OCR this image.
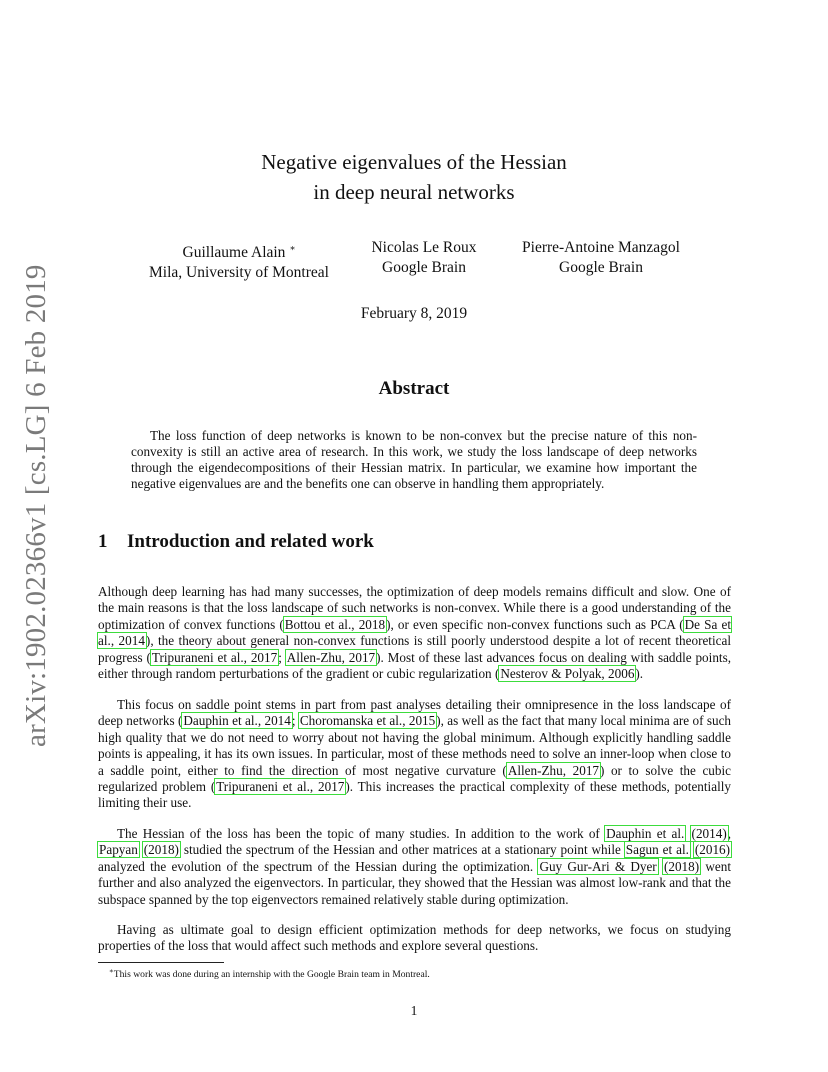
arXiv:1902.02366v1 [cs.LG] 6 Feb 2019
Negative eigenvalues of the Hessian
in deep neural networks
Guillaume Alain ∗
Mila, University of Montreal
Nicolas Le Roux
Google Brain
Pierre-Antoine Manzagol
Google Brain
February 8, 2019
Abstract
The loss function of deep networks is known to be non-convex but the precise nature of this non-convexity is still an active area of research. In this work, we study the loss landscape of deep networks through the eigendecompositions of their Hessian matrix. In particular, we examine how important the negative eigenvalues are and the benefits one can observe in handling them appropriately.
1 Introduction and related work
Although deep learning has had many successes, the optimization of deep models remains difficult and slow. One of the main reasons is that the loss landscape of such networks is non-convex. While there is a good understanding of the optimization of convex functions (Bottou et al., 2018), or even specific non-convex functions such as PCA (De Sa et al., 2014), the theory about general non-convex functions is still poorly understood despite a lot of recent theoretical progress (Tripuraneni et al., 2017; Allen-Zhu, 2017). Most of these last advances focus on dealing with saddle points, either through random perturbations of the gradient or cubic regularization (Nesterov & Polyak, 2006).
This focus on saddle point stems in part from past analyses detailing their omnipresence in the loss landscape of deep networks (Dauphin et al., 2014; Choromanska et al., 2015), as well as the fact that many local minima are of such high quality that we do not need to worry about not having the global minimum. Although explicitly handling saddle points is appealing, it has its own issues. In particular, most of these methods need to solve an inner-loop when close to a saddle point, either to find the direction of most negative curvature (Allen-Zhu, 2017) or to solve the cubic regularized problem (Tripuraneni et al., 2017). This increases the practical complexity of these methods, potentially limiting their use.
The Hessian of the loss has been the topic of many studies. In addition to the work of Dauphin et al. (2014), Papyan (2018) studied the spectrum of the Hessian and other matrices at a stationary point while Sagun et al. (2016) analyzed the evolution of the spectrum of the Hessian during the optimization. Guy Gur-Ari & Dyer (2018) went further and also analyzed the eigenvectors. In particular, they showed that the Hessian was almost low-rank and that the subspace spanned by the top eigenvectors remained relatively stable during optimization.
Having as ultimate goal to design efficient optimization methods for deep networks, we focus on studying properties of the loss that would affect such methods and explore several questions.
∗This work was done during an internship with the Google Brain team in Montreal.
1
